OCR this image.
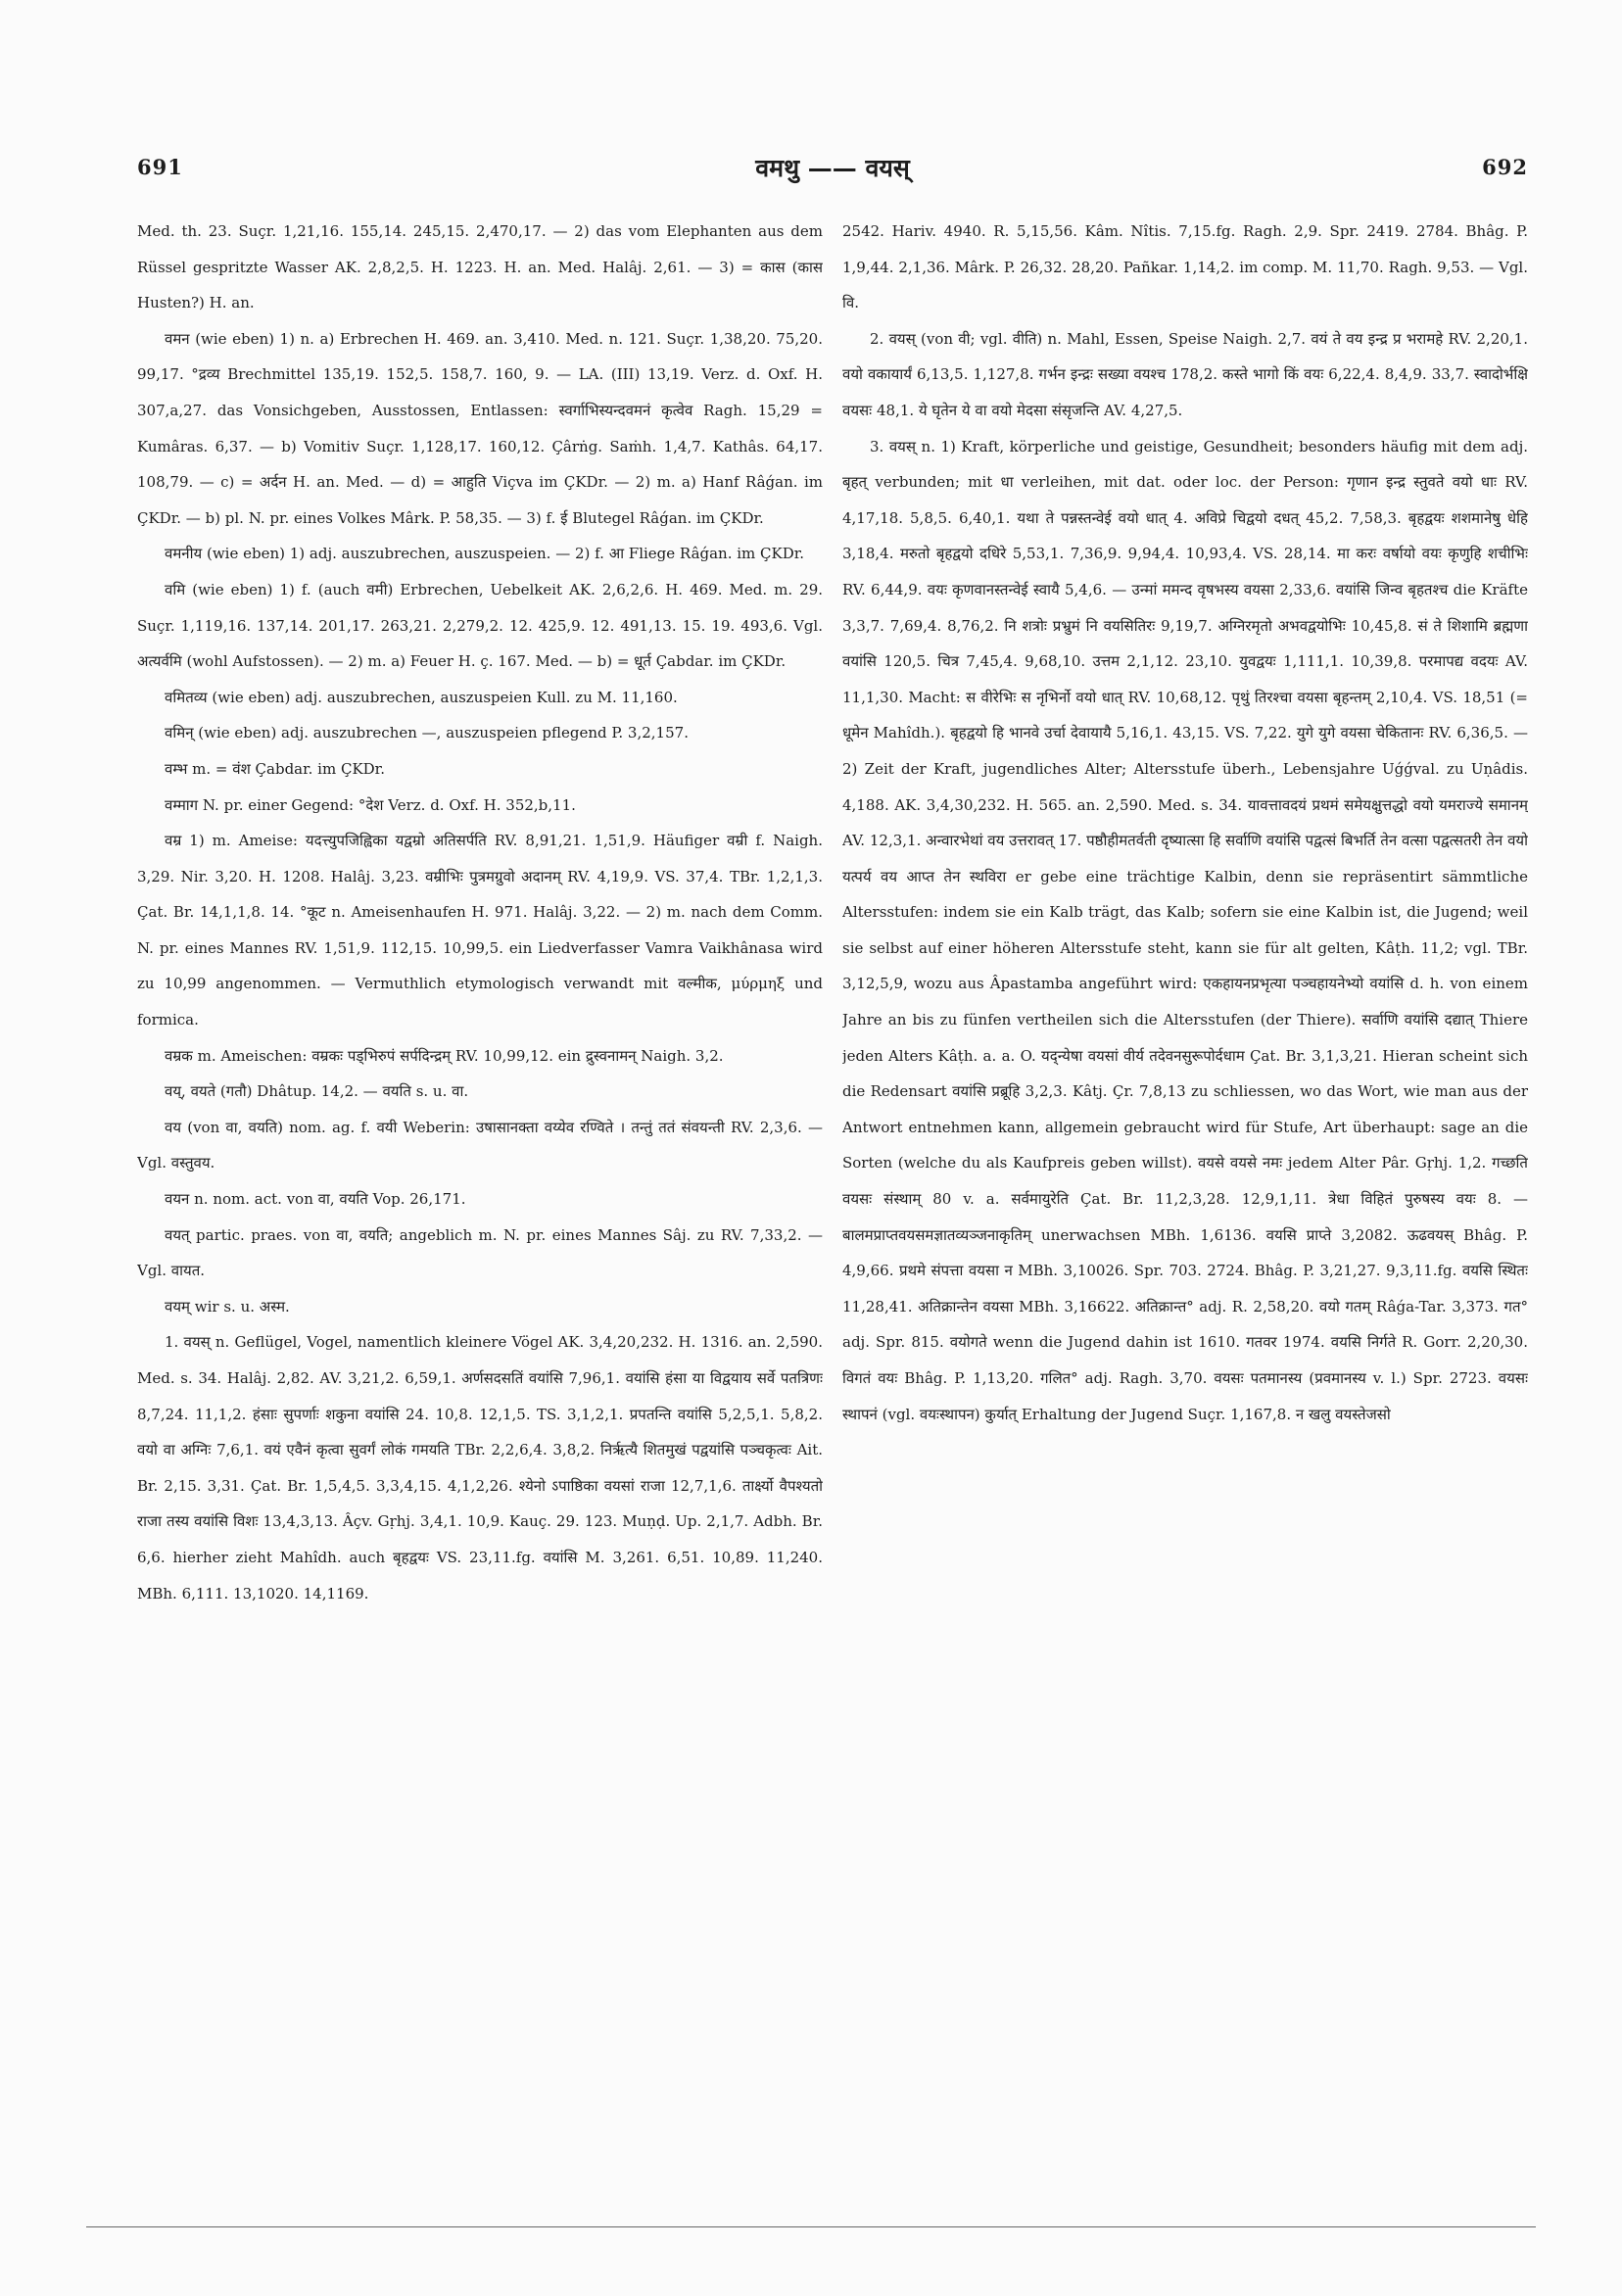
691	वमथु —— वयस्	692

Med. th. 23. Suçr. 1,21,16. 155,14. 245,15. 2,470,17. — 2) das vom Elephanten aus dem Rüssel gespritzte Wasser AK. 2,8,2,5. H. 1223. H. an. Med. Halâj. 2,61. — 3) = कास (कास Husten?) H. an.

वमन (wie eben) 1) n. a) Erbrechen H. 469. an. 3,410. Med. n. 121. Suçr. 1,38,20. 75,20. 99,17. °द्रव्य Brechmittel 135,19. 152,5. 158,7. 160, 9. — LA. (III) 13,19. Verz. d. Oxf. H. 307,a,27. das Vonsichgeben, Ausstossen, Entlassen: स्वर्गाभिस्यन्दवमनं कृत्वेव Ragh. 15,29 = Kumâras. 6,37. — b) Vomitiv Suçr. 1,128,17. 160,12. Çârṅg. Saṁh. 1,4,7. Kathâs. 64,17. 108,79. — c) = अर्दन H. an. Med. — d) = आहुति Viçva im ÇKDr. — 2) m. a) Hanf Râǵan. im ÇKDr. — b) pl. N. pr. eines Volkes Mârk. P. 58,35. — 3) f. ई Blutegel Râǵan. im ÇKDr.

वमनीय (wie eben) 1) adj. auszubrechen, auszuspeien. — 2) f. आ Fliege Râǵan. im ÇKDr.

वमि (wie eben) 1) f. (auch वमी) Erbrechen, Uebelkeit AK. 2,6,2,6. H. 469. Med. m. 29. Suçr. 1,119,16. 137,14. 201,17. 263,21. 2,279,2. 12. 425,9. 12. 491,13. 15. 19. 493,6. Vgl. अत्यर्वमि (wohl Aufstossen). — 2) m. a) Feuer H. ç. 167. Med. — b) = धूर्त Çabdar. im ÇKDr.

वमितव्य (wie eben) adj. auszubrechen, auszuspeien Kull. zu M. 11,160.

वमिन् (wie eben) adj. auszubrechen —, auszuspeien pflegend P. 3,2,157.

वम्भ m. = वंश Çabdar. im ÇKDr.

वम्माग N. pr. einer Gegend: °देश Verz. d. Oxf. H. 352,b,11.

वम्र 1) m. Ameise: यदत्त्युपजिह्विका यद्वम्रो अतिसर्पति RV. 8,91,21. 1,51,9. Häufiger वम्री f. Naigh. 3,29. Nir. 3,20. H. 1208. Halâj. 3,23. वम्रीभिः पुत्रमग्रुवो अदानम् RV. 4,19,9. VS. 37,4. TBr. 1,2,1,3. Çat. Br. 14,1,1,8. 14. °कूट n. Ameisenhaufen H. 971. Halâj. 3,22. — 2) m. nach dem Comm. N. pr. eines Mannes RV. 1,51,9. 112,15. 10,99,5. ein Liedverfasser Vamra Vaikhânasa wird zu 10,99 angenommen. — Vermuthlich etymologisch verwandt mit वल्मीक, μύρμηξ und formica.

वम्रक m. Ameischen: वम्रकः पड्भिरुपं सर्पदिन्द्रम् RV. 10,99,12. ein द्रुस्वनामन् Naigh. 3,2.

वय्, वयते (गतौ) Dhâtup. 14,2. — वयति s. u. वा.

वय (von वा, वयति) nom. ag. f. वयी Weberin: उषासानक्ता वय्येव रण्विते । तन्तुं ततं संवयन्ती RV. 2,3,6. — Vgl. वस्तुवय.

वयन n. nom. act. von वा, वयति Vop. 26,171.

वयत् partic. praes. von वा, वयति; angeblich m. N. pr. eines Mannes Sâj. zu RV. 7,33,2. — Vgl. वायत.

वयम् wir s. u. अस्म.

1. वयस् n. Geflügel, Vogel, namentlich kleinere Vögel AK. 3,4,20,232. H. 1316. an. 2,590. Med. s. 34. Halâj. 2,82. AV. 3,21,2. 6,59,1. अर्णसदसतिं वयांसि 7,96,1. वयांसि हंसा या विद्वयाय सर्वे पतत्रिणः 8,7,24. 11,1,2. हंसाः सुपर्णाः शकुना वयांसि 24. 10,8. 12,1,5. TS. 3,1,2,1. प्रपतन्ति वयांसि 5,2,5,1. 5,8,2. वयो वा अग्निः 7,6,1. वयं एवैनं कृत्वा सुवर्गं लोकं गमयति TBr. 2,2,6,4. 3,8,2. निर्ऋत्यै शितमुखं पद्वयांसि पञ्चकृत्वः Ait. Br. 2,15. 3,31. Çat. Br. 1,5,4,5. 3,3,4,15. 4,1,2,26. श्येनो ऽपाष्ठिका वयसां राजा 12,7,1,6. तार्क्ष्यो वैपश्यतो राजा तस्य वयांसि विशः 13,4,3,13. Âçv. Gṛhj. 3,4,1. 10,9. Kauç. 29. 123. Muṇḍ. Up. 2,1,7. Adbh. Br. 6,6. hierher zieht Mahîdh. auch बृहद्वयः VS. 23,11.fg. वयांसि M. 3,261. 6,51. 10,89. 11,240. MBh. 6,111. 13,1020. 14,1169.

2542. Hariv. 4940. R. 5,15,56. Kâm. Nîtis. 7,15.fg. Ragh. 2,9. Spr. 2419. 2784. Bhâg. P. 1,9,44. 2,1,36. Mârk. P. 26,32. 28,20. Pañkar. 1,14,2. im comp. M. 11,70. Ragh. 9,53. — Vgl. वि.

2. वयस् (von वी; vgl. वीति) n. Mahl, Essen, Speise Naigh. 2,7. वयं ते वय इन्द्र प्र भरामहे RV. 2,20,1. वयो वकायार्यं 6,13,5. 1,127,8. गर्भन इन्द्रः सख्या वयश्च 178,2. कस्ते भागो किं वयः 6,22,4. 8,4,9. 33,7. स्वादोर्भक्षि वयसः 48,1. ये घृतेन ये वा वयो मेदसा संसृजन्ति AV. 4,27,5.

3. वयस् n. 1) Kraft, körperliche und geistige, Gesundheit; besonders häufig mit dem adj. बृहत् verbunden; mit धा verleihen, mit dat. oder loc. der Person: गृणान इन्द्र स्तुवते वयो धाः RV. 4,17,18. 5,8,5. 6,40,1. यथा ते पन्नस्तन्वेई वयो धात् 4. अविप्रे चिद्वयो दधत् 45,2. 7,58,3. बृहद्वयः शशमानेषु धेहि 3,18,4. मरुतो बृहद्वयो दधिरे 5,53,1. 7,36,9. 9,94,4. 10,93,4. VS. 28,14. मा करः वर्षायो वयः कृणुहि शचीभिः RV. 6,44,9. वयः कृणवानस्तन्वेई स्वायै 5,4,6. — उन्मां ममन्द वृषभस्य वयसा 2,33,6. वयांसि जिन्व बृहतश्च die Kräfte 3,3,7. 7,69,4. 8,76,2. नि शत्रोः प्रभ्रुमं नि वयसितिरः 9,19,7. अग्निरमृतो अभवद्वयोभिः 10,45,8. सं ते शिशामि ब्रह्मणा वयांसि 120,5. चित्र 7,45,4. 9,68,10. उत्तम 2,1,12. 23,10. युवद्वयः 1,111,1. 10,39,8. परमापद्य वदयः AV. 11,1,30. Macht: स वीरेभिः स नृभिर्नो वयो धात् RV. 10,68,12. पृथुं तिरश्चा वयसा बृहन्तम् 2,10,4. VS. 18,51 (= धूमेन Mahîdh.). बृहद्वयो हि भानवे उर्चा देवायायै 5,16,1. 43,15. VS. 7,22. युगे युगे वयसा चेकितानः RV. 6,36,5. — 2) Zeit der Kraft, jugendliches Alter; Altersstufe überh., Lebensjahre Uǵǵval. zu Uṇâdis. 4,188. AK. 3,4,30,232. H. 565. an. 2,590. Med. s. 34. यावत्तावदयं प्रथमं समेयक्षुत्तद्धो वयो यमराज्ये समानम् AV. 12,3,1. अन्वारभेथां वय उत्तरावत् 17. पष्ठौहीमतर्वती दृष्यात्सा हि सर्वाणि वयांसि पद्वत्सं बिभर्ति तेन वत्सा पद्वत्सतरी तेन वयो यत्पर्य वय आप्त तेन स्थविरा er gebe eine trächtige Kalbin, denn sie repräsentirt sämmtliche Altersstufen: indem sie ein Kalb trägt, das Kalb; sofern sie eine Kalbin ist, die Jugend; weil sie selbst auf einer höheren Altersstufe steht, kann sie für alt gelten, Kâṭh. 11,2; vgl. TBr. 3,12,5,9, wozu aus Âpastamba angeführt wird: एकहायनप्रभृत्या पञ्चहायनेभ्यो वयांसि d. h. von einem Jahre an bis zu fünfen vertheilen sich die Altersstufen (der Thiere). सर्वाणि वयांसि दद्यात् Thiere jeden Alters Kâṭh. a. a. O. यद्न्येषा वयसां वीर्य तदेवनसुरूपोर्दधाम Çat. Br. 3,1,3,21. Hieran scheint sich die Redensart वयांसि प्रब्रूहि 3,2,3. Kâtj. Çr. 7,8,13 zu schliessen, wo das Wort, wie man aus der Antwort entnehmen kann, allgemein gebraucht wird für Stufe, Art überhaupt: sage an die Sorten (welche du als Kaufpreis geben willst). वयसे वयसे नमः jedem Alter Pâr. Gṛhj. 1,2. गच्छति वयसः संस्थाम् 80 v. a. सर्वमायुरेति Çat. Br. 11,2,3,28. 12,9,1,11. त्रेधा विहितं पुरुषस्य वयः 8. — बालमप्राप्तवयसमज्ञातव्यञ्जनाकृतिम् unerwachsen MBh. 1,6136. वयसि प्राप्ते 3,2082. ऊढवयस् Bhâg. P. 4,9,66. प्रथमे संपत्ता वयसा न MBh. 3,10026. Spr. 703. 2724. Bhâg. P. 3,21,27. 9,3,11.fg. वयसि स्थितः 11,28,41. अतिक्रान्तेन वयसा MBh. 3,16622. अतिक्रान्त° adj. R. 2,58,20. वयो गतम् Râǵa-Tar. 3,373. गत° adj. Spr. 815. वयोगते wenn die Jugend dahin ist 1610. गतवर 1974. वयसि निर्गते R. Gorr. 2,20,30. विगतं वयः Bhâg. P. 1,13,20. गलित° adj. Ragh. 3,70. वयसः पतमानस्य (प्रवमानस्य v. l.) Spr. 2723. वयसः स्थापनं (vgl. वयःस्थापन) कुर्यात् Erhaltung der Jugend Suçr. 1,167,8. न खलु वयस्तेजसो
